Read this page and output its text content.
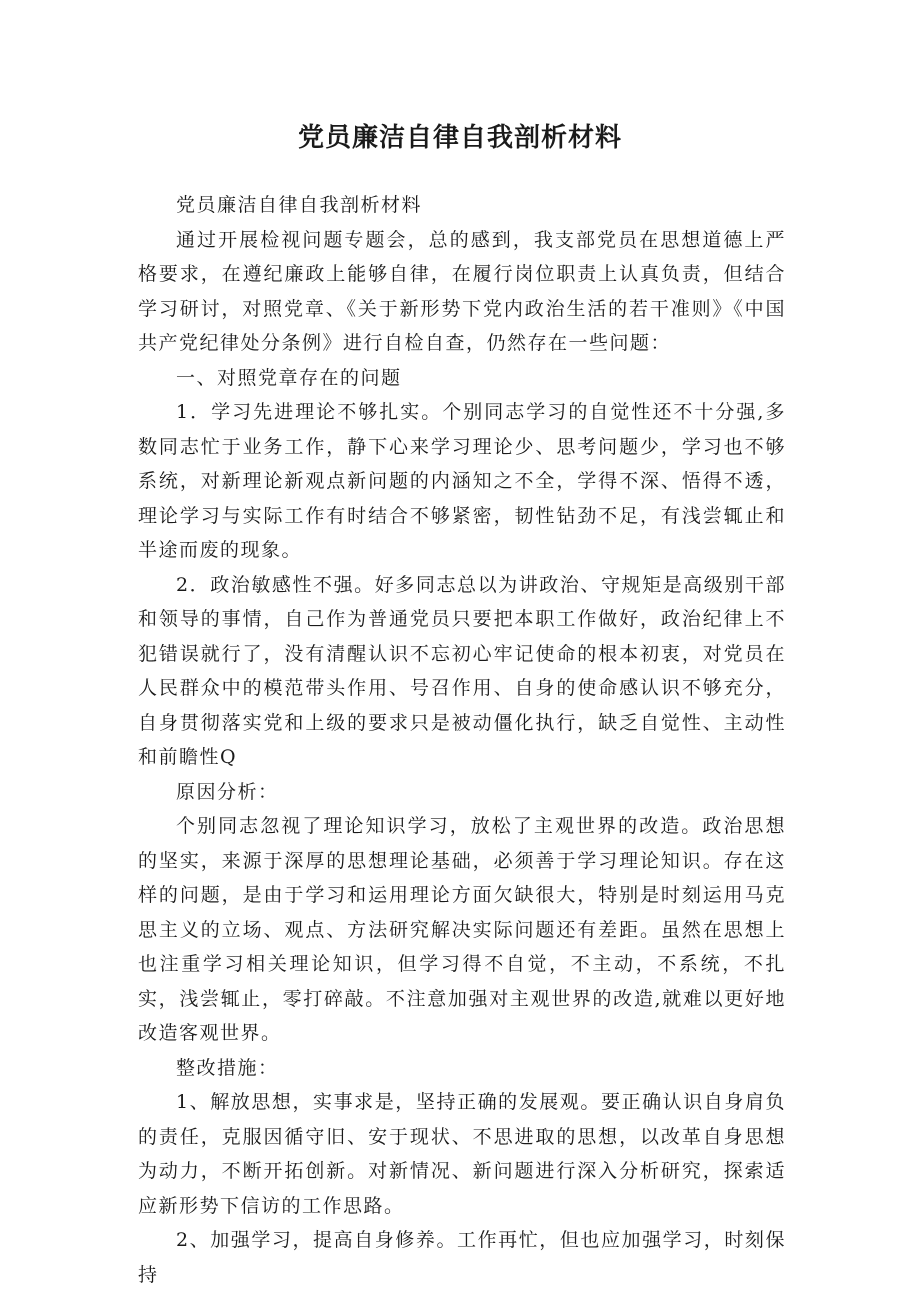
党员廉洁自律自我剖析材料

党员廉洁自律自我剖析材料

通过开展检视问题专题会，总的感到，我支部党员在思想道德上严格要求，在遵纪廉政上能够自律，在履行岗位职责上认真负责，但结合学习研讨，对照党章、《关于新形势下党内政治生活的若干准则》《中国共产党纪律处分条例》进行自检自查，仍然存在一些问题：

一、对照党章存在的问题

1．学习先进理论不够扎实。个别同志学习的自觉性还不十分强,多数同志忙于业务工作，静下心来学习理论少、思考问题少，学习也不够系统，对新理论新观点新问题的内涵知之不全，学得不深、悟得不透，理论学习与实际工作有时结合不够紧密，韧性钻劲不足，有浅尝辄止和半途而废的现象。

2．政治敏感性不强。好多同志总以为讲政治、守规矩是高级别干部和领导的事情，自己作为普通党员只要把本职工作做好，政治纪律上不犯错误就行了，没有清醒认识不忘初心牢记使命的根本初衷，对党员在人民群众中的模范带头作用、号召作用、自身的使命感认识不够充分，自身贯彻落实党和上级的要求只是被动僵化执行，缺乏自觉性、主动性和前瞻性Q

原因分析：

个别同志忽视了理论知识学习，放松了主观世界的改造。政治思想的坚实，来源于深厚的思想理论基础，必须善于学习理论知识。存在这样的问题，是由于学习和运用理论方面欠缺很大，特别是时刻运用马克思主义的立场、观点、方法研究解决实际问题还有差距。虽然在思想上也注重学习相关理论知识，但学习得不自觉，不主动，不系统，不扎实，浅尝辄止，零打碎敲。不注意加强对主观世界的改造,就难以更好地改造客观世界。

整改措施：

1、解放思想，实事求是，坚持正确的发展观。要正确认识自身肩负的责任，克服因循守旧、安于现状、不思进取的思想，以改革自身思想为动力，不断开拓创新。对新情况、新问题进行深入分析研究，探索适应新形势下信访的工作思路。

2、加强学习，提高自身修养。工作再忙，但也应加强学习，时刻保持
